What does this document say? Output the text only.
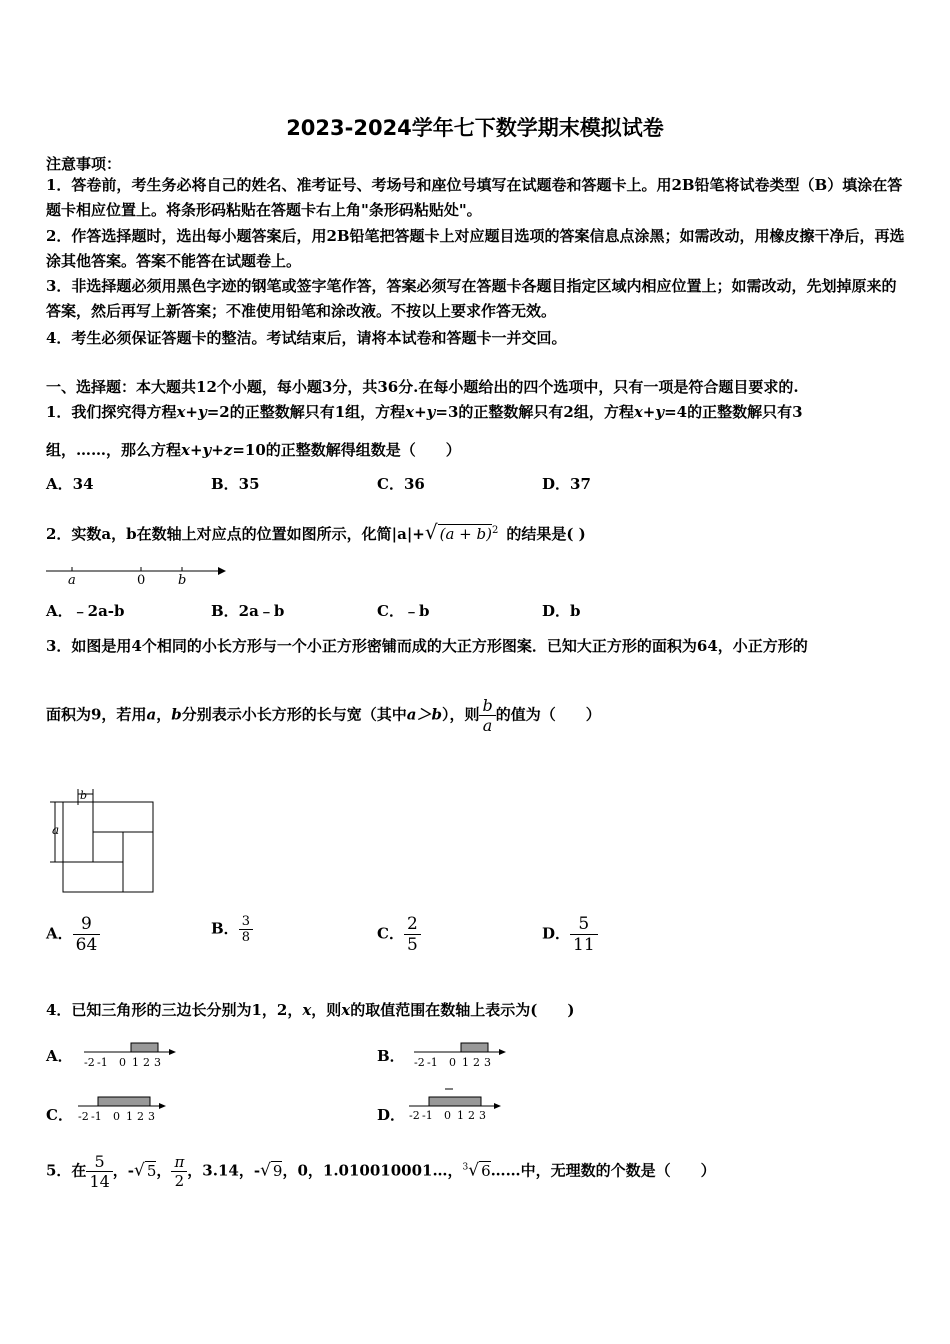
2023-2024学年七下数学期末模拟试卷
注意事项：
1．答卷前，考生务必将自己的姓名、准考证号、考场号和座位号填写在试题卷和答题卡上。用2B铅笔将试卷类型（B）填涂在答题卡相应位置上。将条形码粘贴在答题卡右上角"条形码粘贴处"。
2．作答选择题时，选出每小题答案后，用2B铅笔把答题卡上对应题目选项的答案信息点涂黑；如需改动，用橡皮擦干净后，再选涂其他答案。答案不能答在试题卷上。
3．非选择题必须用黑色字迹的钢笔或签字笔作答，答案必须写在答题卡各题目指定区域内相应位置上；如需改动，先划掉原来的答案，然后再写上新答案；不准使用铅笔和涂改液。不按以上要求作答无效。
4．考生必须保证答题卡的整洁。考试结束后，请将本试卷和答题卡一并交回。
一、选择题：本大题共12个小题，每小题3分，共36分.在每小题给出的四个选项中，只有一项是符合题目要求的.
1．我们探究得方程x+y=2的正整数解只有1组，方程x+y=3的正整数解只有2组，方程x+y=4的正整数解只有3
组，……，那么方程x+y+z=10的正整数解得组数是（　　）
A．34	B．35	C．36	D．37
2．实数a，b在数轴上对应点的位置如图所示，化简|a|+√ $(a + b)^2$ 的结果是( )
a	0	b
A．﹣2a-b	B．2a﹣b	C．﹣b	D．b
3．如图是用4个相同的小长方形与一个小正方形密铺而成的大正方形图案．已知大正方形的面积为64，小正方形的
面积为9，若用a，b分别表示小长方形的长与宽（其中a＞b），则 $\frac{b}{a}$ 的值为（　　）
b
a
A． $\frac{9}{64}$	B． $\frac{3}{8}$	C． $\frac{2}{5}$	D． $\frac{5}{11}$
4．已知三角形的三边长分别为1，2，x，则x的取值范围在数轴上表示为(　　)
A． -2 -1 0 1 2 3	B． -2 -1 0 1 2 3
C． -2 -1 0 1 2 3	D． -2 -1 0 1 2 3
5．在 $\frac{5}{14}$ ，-√ 5， $\frac{\pi}{2}$ ，3.14，-√ 9，0，1.010010001…，$^3$√ 6……中，无理数的个数是（　　）
